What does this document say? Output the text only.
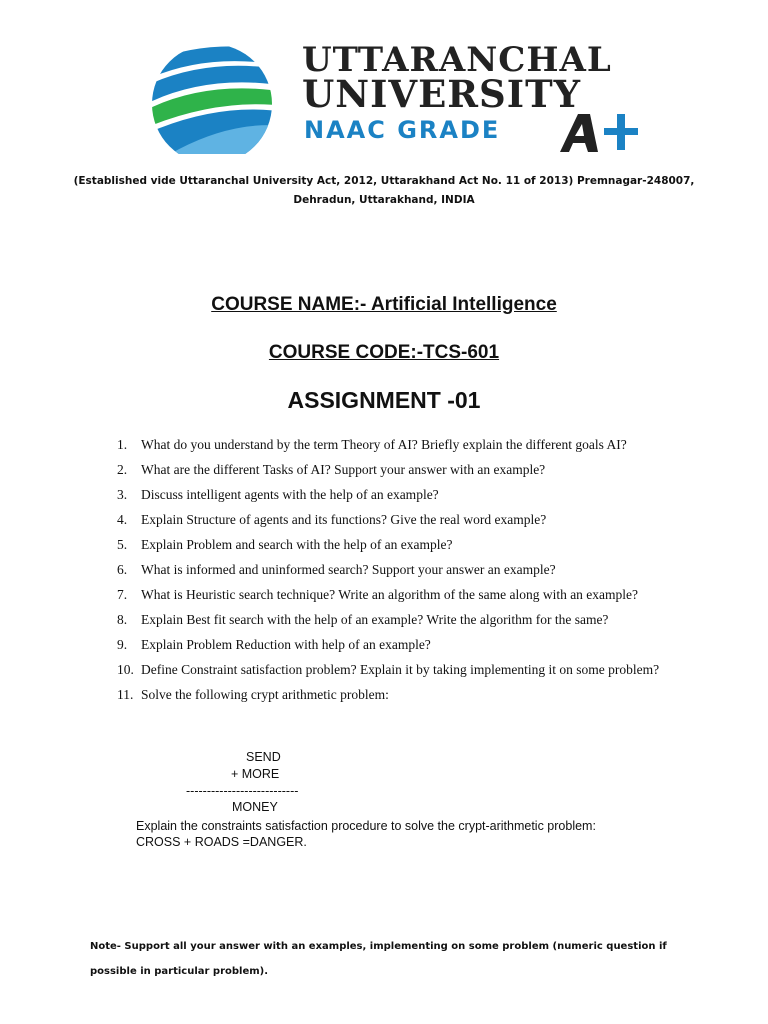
UTTARANCHAL
UNIVERSITY
NAAC GRADE

(Established vide Uttaranchal University Act, 2012, Uttarakhand Act No. 11 of 2013) Premnagar-248007,
Dehradun, Uttarakhand, INDIA

COURSE NAME:- Artificial Intelligence
COURSE CODE:-TCS-601
ASSIGNMENT -01
1. What do you understand by the term Theory of AI? Briefly explain the different goals AI?
2. What are the different Tasks of AI? Support your answer with an example?
3. Discuss intelligent agents with the help of an example?
4. Explain Structure of agents and its functions? Give the real word example?
5. Explain Problem and search with the help of an example?
6. What is informed and uninformed search? Support your answer an example?
7. What is Heuristic search technique? Write an algorithm of the same along with an example?
8. Explain Best fit search with the help of an example? Write the algorithm for the same?
9. Explain Problem Reduction with help of an example?
10. Define Constraint satisfaction problem? Explain it by taking implementing it on some problem?
11. Solve the following crypt arithmetic problem:

SEND

+ MORE

---------------------------

MONEY

Explain the constraints satisfaction procedure to solve the crypt-arithmetic problem:
CROSS + ROADS =DANGER.

Note- Support all your answer with an examples, implementing on some problem (numeric question if possible in particular problem).
